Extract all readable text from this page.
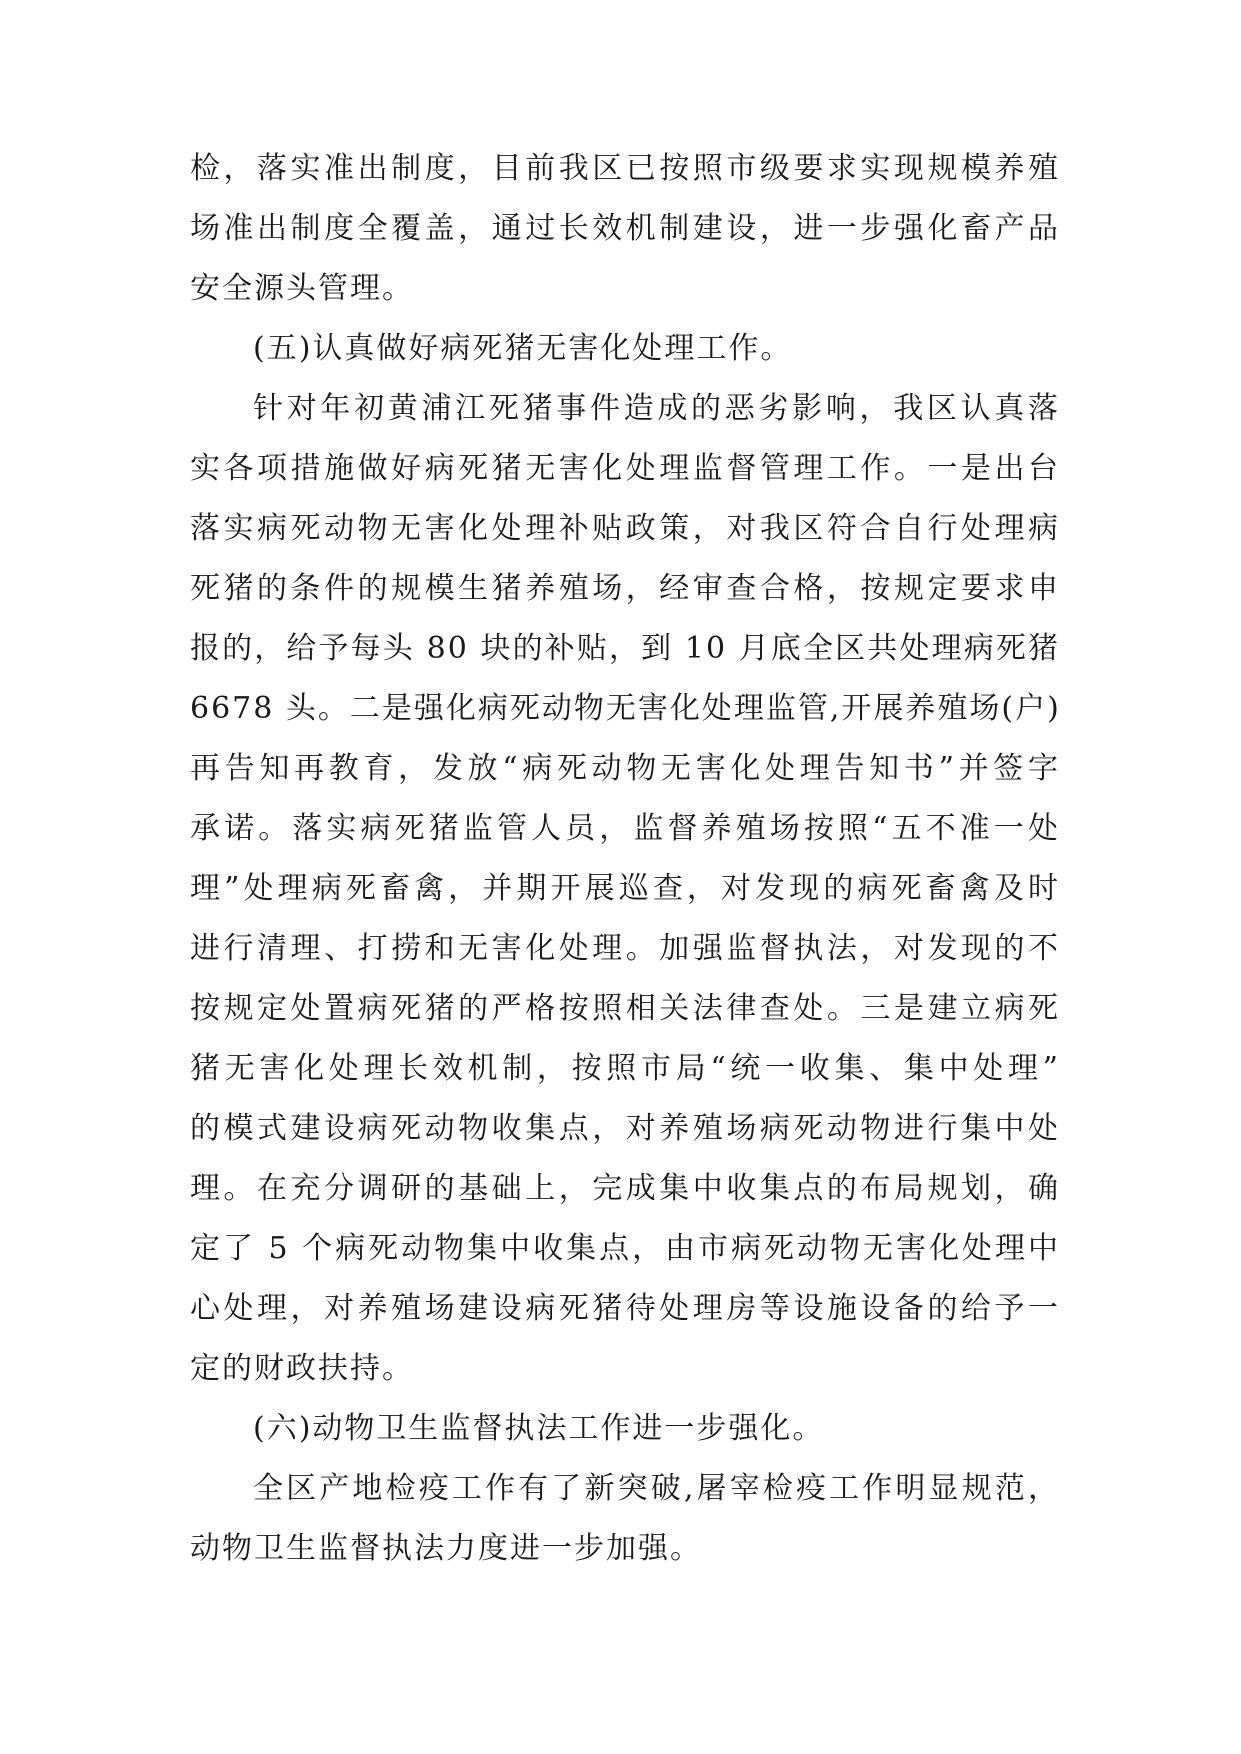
检，落实准出制度，目前我区已按照市级要求实现规模养殖
场准出制度全覆盖，通过长效机制建设，进一步强化畜产品
安全源头管理。
(五)认真做好病死猪无害化处理工作。
针对年初黄浦江死猪事件造成的恶劣影响，我区认真落
实各项措施做好病死猪无害化处理监督管理工作。一是出台
落实病死动物无害化处理补贴政策，对我区符合自行处理病
死猪的条件的规模生猪养殖场，经审查合格，按规定要求申
报的，给予每头 80 块的补贴，到 10 月底全区共处理病死猪
6678 头。二是强化病死动物无害化处理监管,开展养殖场(户)
再告知再教育，发放“病死动物无害化处理告知书”并签字
承诺。落实病死猪监管人员，监督养殖场按照“五不准一处
理”处理病死畜禽，并期开展巡查，对发现的病死畜禽及时
进行清理、打捞和无害化处理。加强监督执法，对发现的不
按规定处置病死猪的严格按照相关法律查处。三是建立病死
猪无害化处理长效机制，按照市局“统一收集、集中处理”
的模式建设病死动物收集点，对养殖场病死动物进行集中处
理。在充分调研的基础上，完成集中收集点的布局规划，确
定了 5 个病死动物集中收集点，由市病死动物无害化处理中
心处理，对养殖场建设病死猪待处理房等设施设备的给予一
定的财政扶持。
(六)动物卫生监督执法工作进一步强化。
全区产地检疫工作有了新突破,屠宰检疫工作明显规范，
动物卫生监督执法力度进一步加强。
